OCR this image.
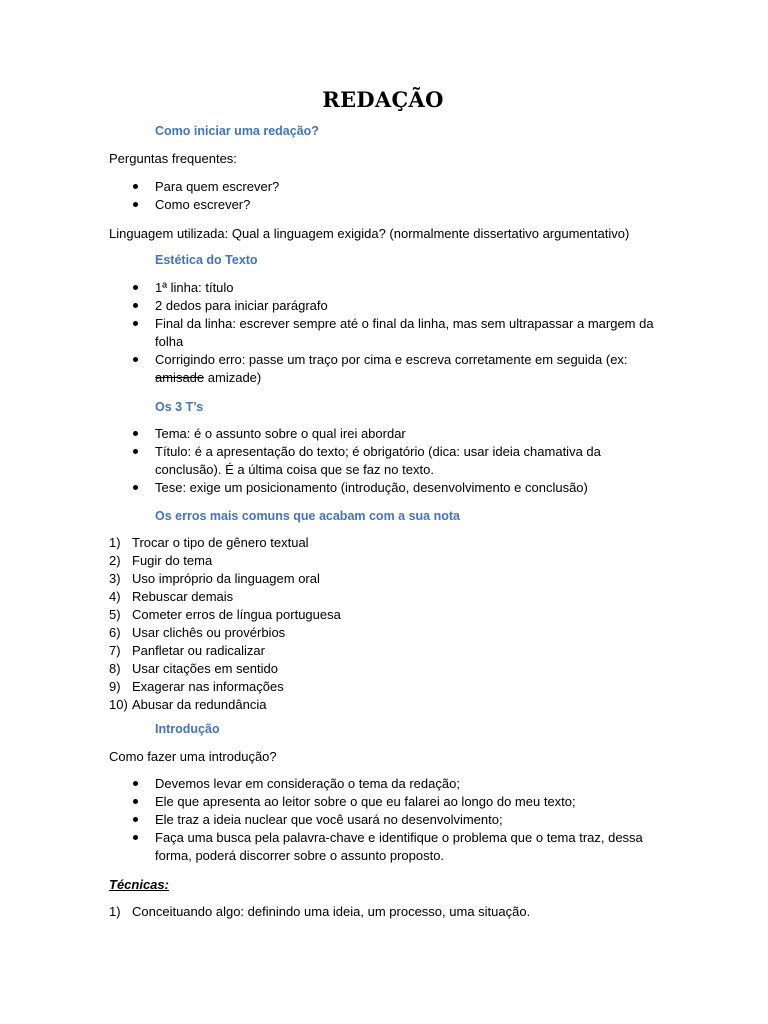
REDAÇÃO
Como iniciar uma redação?
Perguntas frequentes:
Para quem escrever?
Como escrever?
Linguagem utilizada: Qual a linguagem exigida? (normalmente dissertativo argumentativo)
Estética do Texto
1ª linha: título
2 dedos para iniciar parágrafo
Final da linha: escrever sempre até o final da linha, mas sem ultrapassar a margem da folha
Corrigindo erro: passe um traço por cima e escreva corretamente em seguida (ex:
amisade amizade)
Os 3 T’s
Tema: é o assunto sobre o qual irei abordar
Título: é a apresentação do texto; é obrigatório (dica: usar ideia chamativa da conclusão). É a última coisa que se faz no texto.
Tese: exige um posicionamento (introdução, desenvolvimento e conclusão)
Os erros mais comuns que acabam com a sua nota
1) Trocar o tipo de gênero textual
2) Fugir do tema
3) Uso impróprio da linguagem oral
4) Rebuscar demais
5) Cometer erros de língua portuguesa
6) Usar clichês ou provérbios
7) Panfletar ou radicalizar
8) Usar citações em sentido
9) Exagerar nas informações
10) Abusar da redundância
Introdução
Como fazer uma introdução?
Devemos levar em consideração o tema da redação;
Ele que apresenta ao leitor sobre o que eu falarei ao longo do meu texto;
Ele traz a ideia nuclear que você usará no desenvolvimento;
Faça uma busca pela palavra-chave e identifique o problema que o tema traz, dessa forma, poderá discorrer sobre o assunto proposto.
Técnicas:
1) Conceituando algo: definindo uma ideia, um processo, uma situação.
